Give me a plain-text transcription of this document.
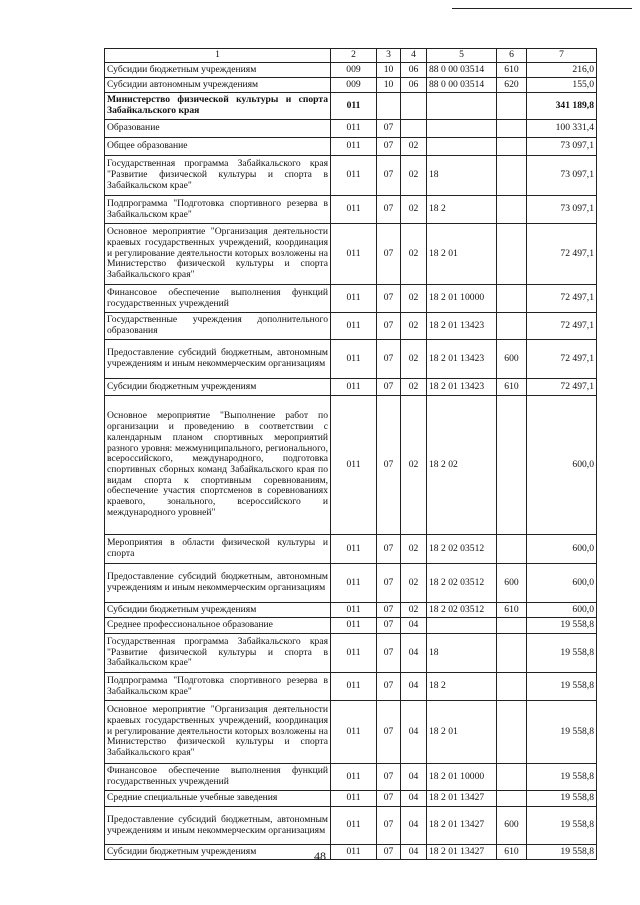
1	2	3	4	5	6	7
Субсидии бюджетным учреждениям	009	10	06	88 0 00 03514	610	216,0
Субсидии автономным учреждениям	009	10	06	88 0 00 03514	620	155,0
Министерство физической культуры и спорта Забайкальского края	011					341 189,8
Образование	011	07				100 331,4
Общее образование	011	07	02			73 097,1
Государственная программа Забайкальского края "Развитие физической культуры и спорта в Забайкальском крае"	011	07	02	18		73 097,1
Подпрограмма "Подготовка спортивного резерва в Забайкальском крае"	011	07	02	18 2		73 097,1
Основное мероприятие "Организация деятельности краевых государственных учреждений, координация и регулирование деятельности которых возложены на Министерство физической культуры и спорта Забайкальского края"	011	07	02	18 2 01		72 497,1
Финансовое обеспечение выполнения функций государственных учреждений	011	07	02	18 2 01 10000		72 497,1
Государственные учреждения дополнительного образования	011	07	02	18 2 01 13423		72 497,1
Предоставление субсидий бюджетным, автономным учреждениям и иным некоммерческим организациям	011	07	02	18 2 01 13423	600	72 497,1
Субсидии бюджетным учреждениям	011	07	02	18 2 01 13423	610	72 497,1
Основное мероприятие "Выполнение работ по организации и проведению в соответствии с календарным планом спортивных мероприятий разного уровня: межмуниципального, регионального, всероссийского, международного, подготовка спортивных сборных команд Забайкальского края по видам спорта к спортивным соревнованиям, обеспечение участия спортсменов в соревнованиях краевого, зонального, всероссийского и международного уровней"	011	07	02	18 2 02		600,0
Мероприятия в области физической культуры и спорта	011	07	02	18 2 02 03512		600,0
Предоставление субсидий бюджетным, автономным учреждениям и иным некоммерческим организациям	011	07	02	18 2 02 03512	600	600,0
Субсидии бюджетным учреждениям	011	07	02	18 2 02 03512	610	600,0
Среднее профессиональное образование	011	07	04			19 558,8
Государственная программа Забайкальского края "Развитие физической культуры и спорта в Забайкальском крае"	011	07	04	18		19 558,8
Подпрограмма "Подготовка спортивного резерва в Забайкальском крае"	011	07	04	18 2		19 558,8
Основное мероприятие "Организация деятельности краевых государственных учреждений, координация и регулирование деятельности которых возложены на Министерство физической культуры и спорта Забайкальского края"	011	07	04	18 2 01		19 558,8
Финансовое обеспечение выполнения функций государственных учреждений	011	07	04	18 2 01 10000		19 558,8
Средние специальные учебные заведения	011	07	04	18 2 01 13427		19 558,8
Предоставление субсидий бюджетным, автономным учреждениям и иным некоммерческим организациям	011	07	04	18 2 01 13427	600	19 558,8
Субсидии бюджетным учреждениям	011	07	04	18 2 01 13427	610	19 558,8
48
